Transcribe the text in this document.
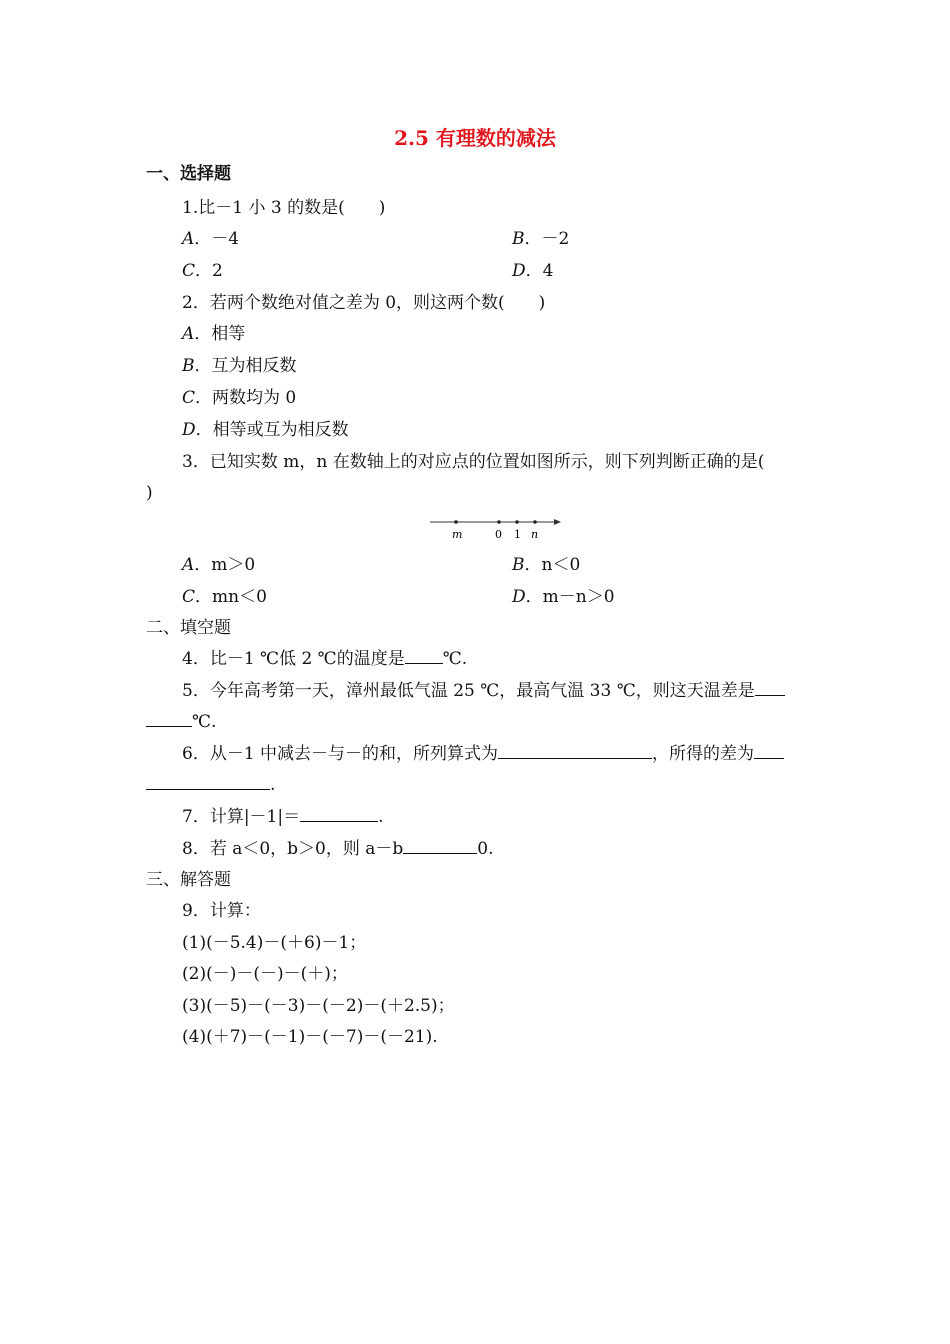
2.5 有理数的减法
一、选择题
1.比－1 小 3 的数是(　　)
A．－4	B．－2
C．2	D．4
2．若两个数绝对值之差为 0，则这两个数(　　)
A．相等
B．互为相反数
C．两数均为 0
D．相等或互为相反数
3．已知实数 m，n 在数轴上的对应点的位置如图所示，则下列判断正确的是(
)
m	0 1 n
A．m＞0	B．n＜0
C．mn＜0	D．m－n＞0
二、填空题
4．比－1 ℃低 2 ℃的温度是 ℃.
5．今年高考第一天，漳州最低气温 25 ℃，最高气温 33 ℃，则这天温差是
℃.
6．从－1 中减去－与－的和，所列算式为	，所得的差为
.
7．计算|－1|＝	.
8．若 a＜0，b＞0，则 a－b	0.
三、解答题
9．计算：
(1)(－5.4)－(＋6)－1；
(2)(－)－(－)－(＋)；
(3)(－5)－(－3)－(－2)－(＋2.5)；
(4)(＋7)－(－1)－(－7)－(－21).
